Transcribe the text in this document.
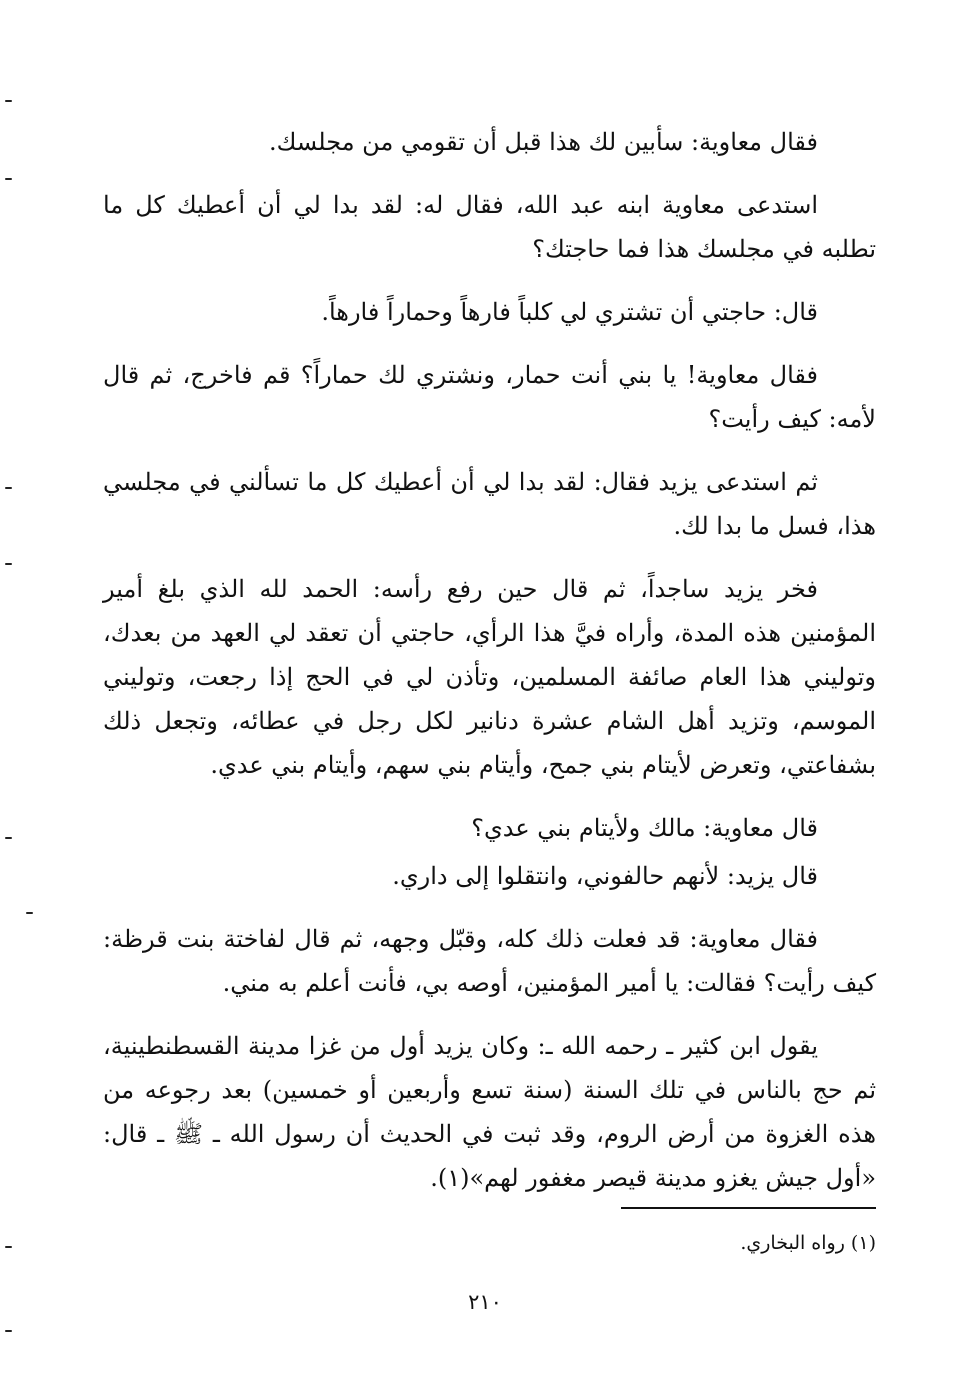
فقال معاوية: سأبين لك هذا قبل أن تقومي من مجلسك.

استدعى معاوية ابنه عبد الله، فقال له: لقد بدا لي أن أعطيك كل ما تطلبه في مجلسك هذا فما حاجتك؟

قال: حاجتي أن تشتري لي كلباً فارهاً وحماراً فارهاً.

فقال معاوية! يا بني أنت حمار، ونشتري لك حماراً؟ قم فاخرج، ثم قال لأمه: كيف رأيت؟

ثم استدعى يزيد فقال: لقد بدا لي أن أعطيك كل ما تسألني في مجلسي هذا، فسل ما بدا لك.

فخر يزيد ساجداً، ثم قال حين رفع رأسه: الحمد لله الذي بلغ أمير المؤمنين هذه المدة، وأراه فيَّ هذا الرأي، حاجتي أن تعقد لي العهد من بعدك، وتوليني هذا العام صائفة المسلمين، وتأذن لي في الحج إذا رجعت، وتوليني الموسم، وتزيد أهل الشام عشرة دنانير لكل رجل في عطائه، وتجعل ذلك بشفاعتي، وتعرض لأيتام بني جمح، وأيتام بني سهم، وأيتام بني عدي.

قال معاوية: مالك ولأيتام بني عدي؟

قال يزيد: لأنهم حالفوني، وانتقلوا إلى داري.

فقال معاوية: قد فعلت ذلك كله، وقبّل وجهه، ثم قال لفاختة بنت قرظة: كيف رأيت؟ فقالت: يا أمير المؤمنين، أوصه بي، فأنت أعلم به مني.

يقول ابن كثير ـ رحمه الله ـ: وكان يزيد أول من غزا مدينة القسطنطينية، ثم حج بالناس في تلك السنة (سنة تسع وأربعين أو خمسين) بعد رجوعه من هذه الغزوة من أرض الروم، وقد ثبت في الحديث أن رسول الله ـ ﷺ ـ قال: «أول جيش يغزو مدينة قيصر مغفور لهم»(١).

(١) رواه البخاري.
٢١٠
